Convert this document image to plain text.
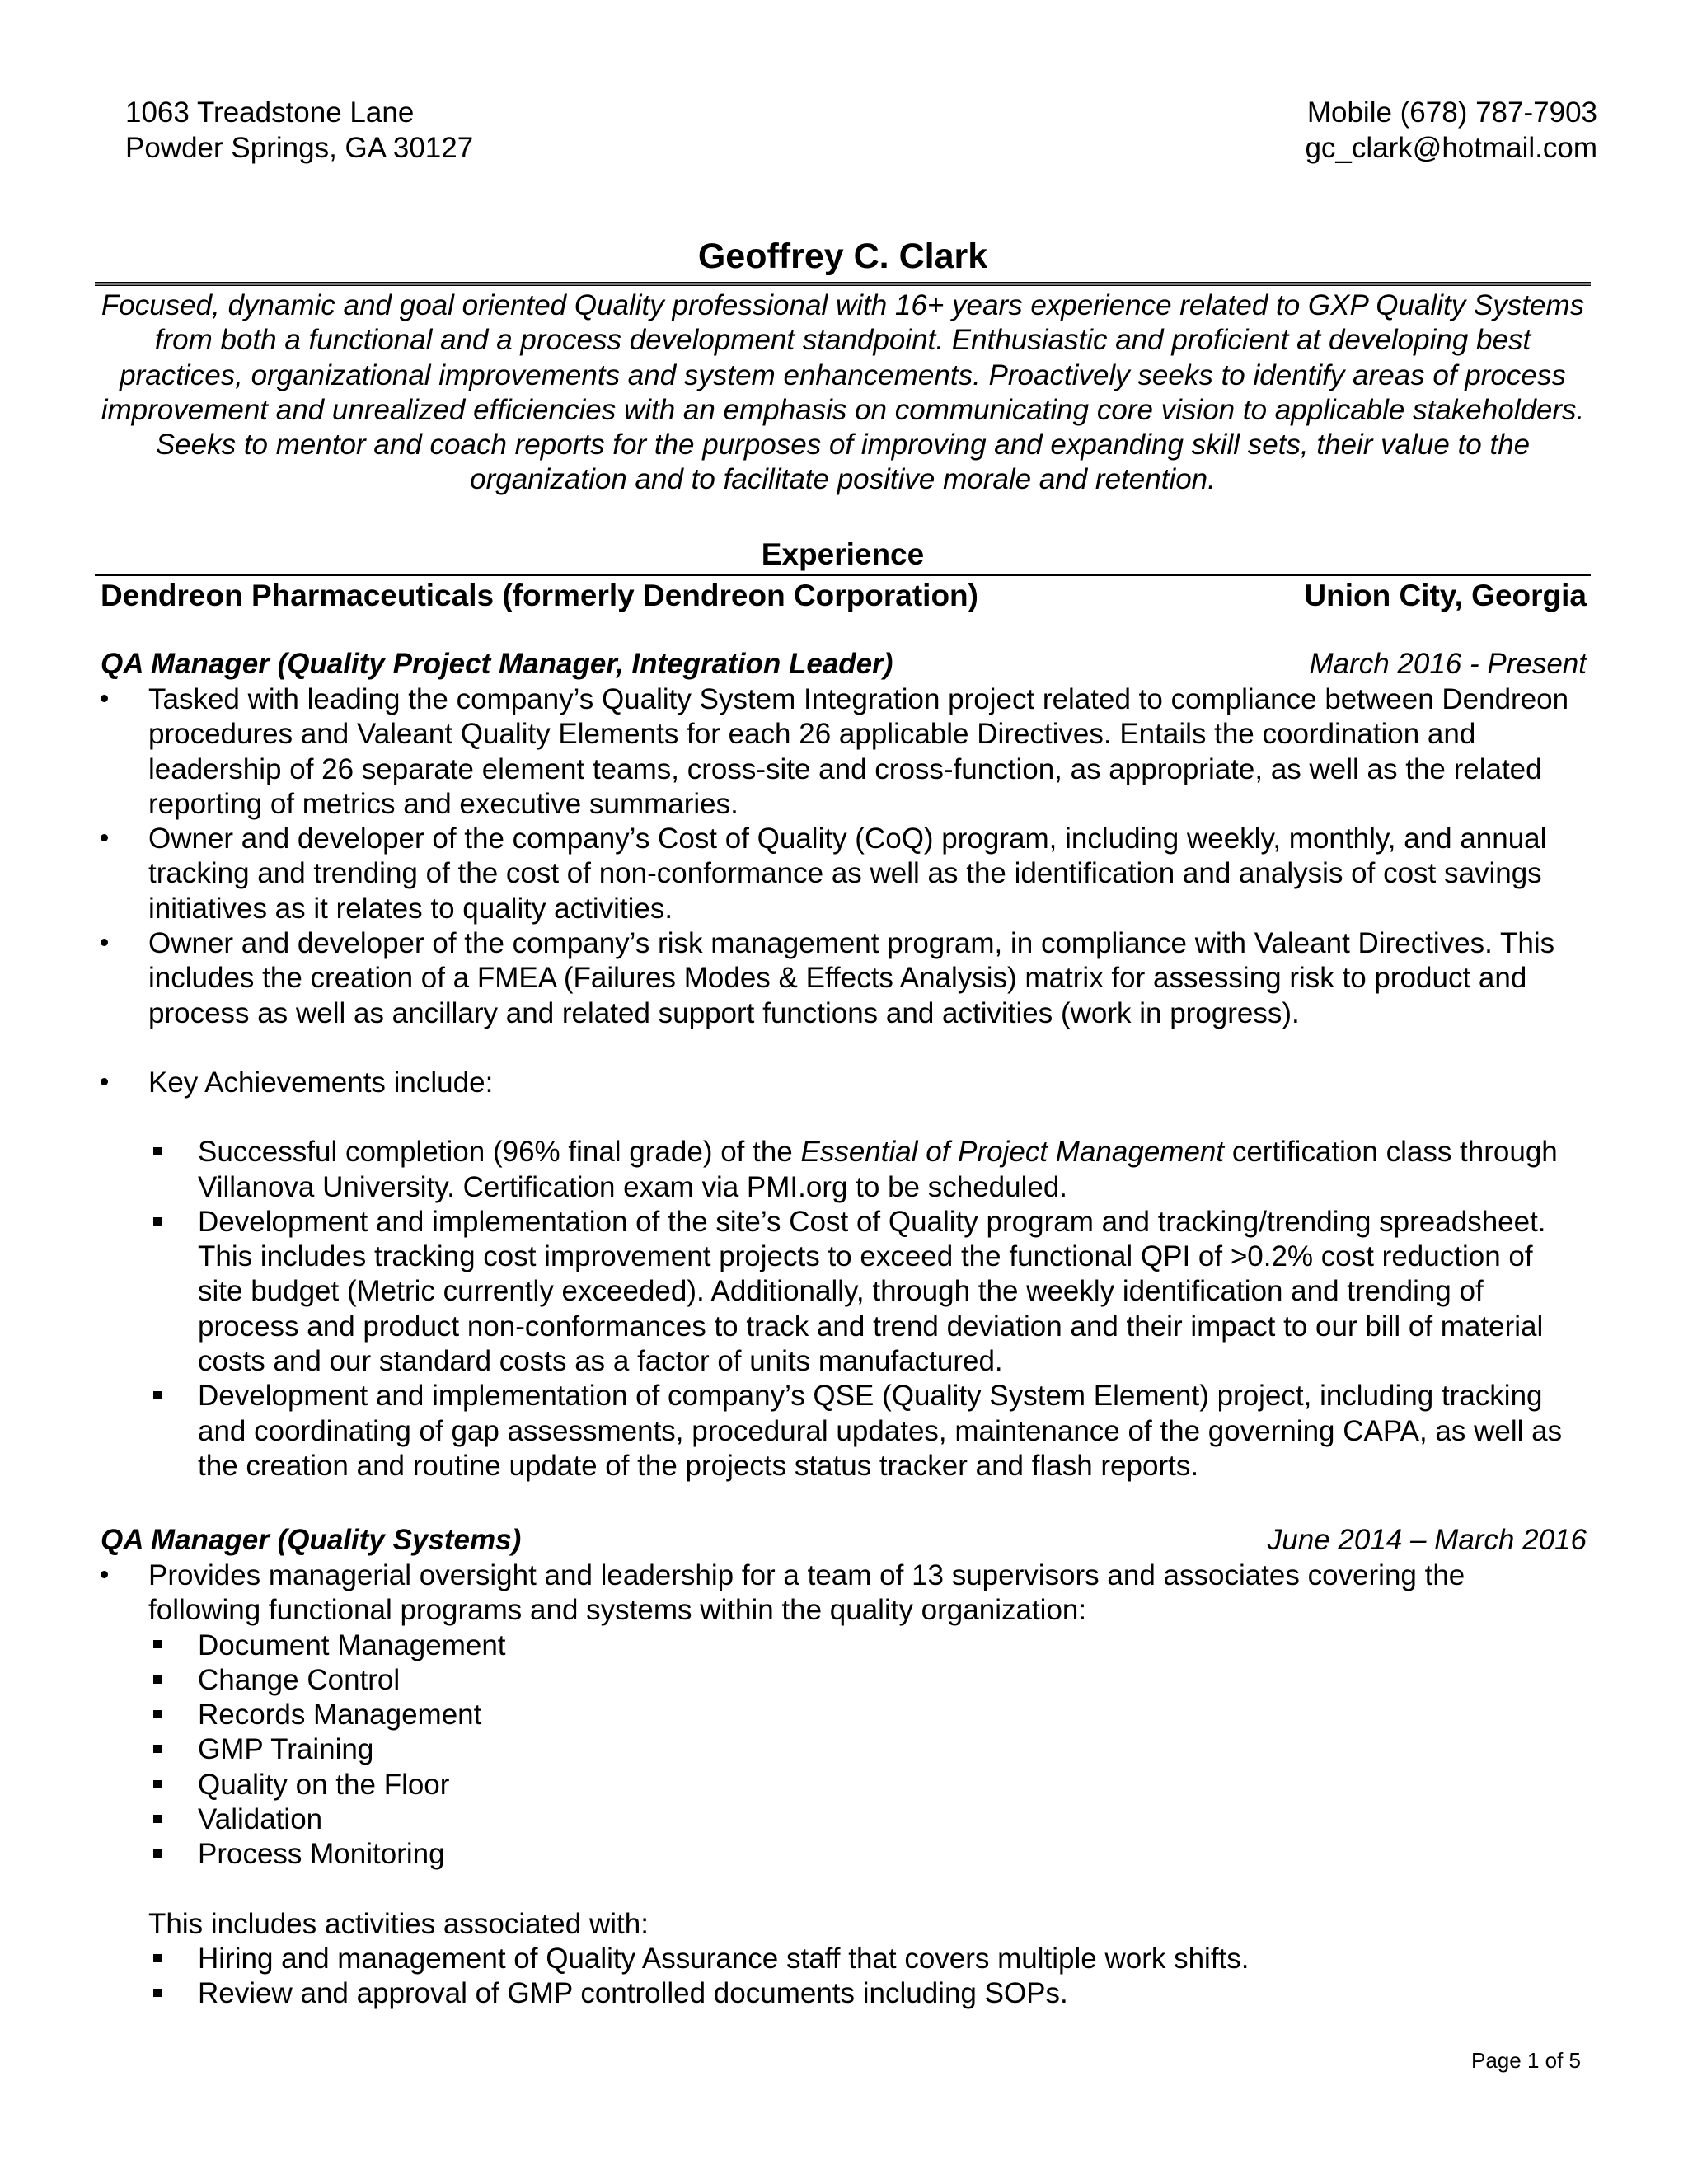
1063 Treadstone Lane
Powder Springs, GA 30127
Mobile (678) 787-7903
gc_clark@hotmail.com
Geoffrey C. Clark
Focused, dynamic and goal oriented Quality professional with 16+ years experience related to GXP Quality Systems from both a functional and a process development standpoint. Enthusiastic and proficient at developing best practices, organizational improvements and system enhancements. Proactively seeks to identify areas of process improvement and unrealized efficiencies with an emphasis on communicating core vision to applicable stakeholders. Seeks to mentor and coach reports for the purposes of improving and expanding skill sets, their value to the organization and to facilitate positive morale and retention.
Experience
Dendreon Pharmaceuticals (formerly Dendreon Corporation)	Union City, Georgia
QA Manager (Quality Project Manager, Integration Leader)	March 2016 - Present
Tasked with leading the company’s Quality System Integration project related to compliance between Dendreon procedures and Valeant Quality Elements for each 26 applicable Directives. Entails the coordination and leadership of 26 separate element teams, cross-site and cross-function, as appropriate, as well as the related reporting of metrics and executive summaries.
Owner and developer of the company’s Cost of Quality (CoQ) program, including weekly, monthly, and annual tracking and trending of the cost of non-conformance as well as the identification and analysis of cost savings initiatives as it relates to quality activities.
Owner and developer of the company’s risk management program, in compliance with Valeant Directives. This includes the creation of a FMEA (Failures Modes & Effects Analysis) matrix for assessing risk to product and process as well as ancillary and related support functions and activities (work in progress).
Key Achievements include:
Successful completion (96% final grade) of the Essential of Project Management certification class through Villanova University. Certification exam via PMI.org to be scheduled.
Development and implementation of the site’s Cost of Quality program and tracking/trending spreadsheet. This includes tracking cost improvement projects to exceed the functional QPI of >0.2% cost reduction of site budget (Metric currently exceeded). Additionally, through the weekly identification and trending of process and product non-conformances to track and trend deviation and their impact to our bill of material costs and our standard costs as a factor of units manufactured.
Development and implementation of company’s QSE (Quality System Element) project, including tracking and coordinating of gap assessments, procedural updates, maintenance of the governing CAPA, as well as the creation and routine update of the projects status tracker and flash reports.
QA Manager (Quality Systems)	June 2014 – March 2016
Provides managerial oversight and leadership for a team of 13 supervisors and associates covering the following functional programs and systems within the quality organization:
Document Management
Change Control
Records Management
GMP Training
Quality on the Floor
Validation
Process Monitoring
This includes activities associated with:
Hiring and management of Quality Assurance staff that covers multiple work shifts.
Review and approval of GMP controlled documents including SOPs.
Page 1 of 5
